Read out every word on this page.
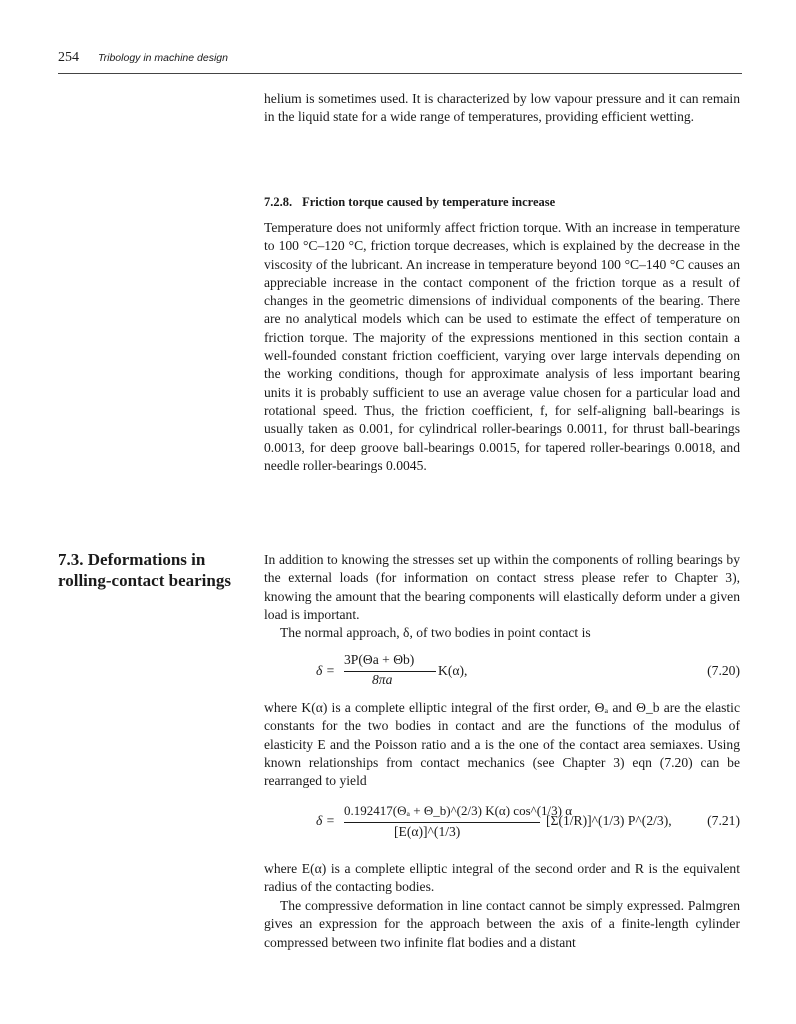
254 Tribology in machine design

helium is sometimes used. It is characterized by low vapour pressure and it can remain in the liquid state for a wide range of temperatures, providing efficient wetting.

7.2.8. Friction torque caused by temperature increase

Temperature does not uniformly affect friction torque. With an increase in temperature to 100 °C–120 °C, friction torque decreases, which is explained by the decrease in the viscosity of the lubricant. An increase in temperature beyond 100 °C–140 °C causes an appreciable increase in the contact component of the friction torque as a result of changes in the geometric dimensions of individual components of the bearing. There are no analytical models which can be used to estimate the effect of temperature on friction torque. The majority of the expressions mentioned in this section contain a well-founded constant friction coefficient, varying over large intervals depending on the working conditions, though for approximate analysis of less important bearing units it is probably sufficient to use an average value chosen for a particular load and rotational speed. Thus, the friction coefficient, f, for self-aligning ball-bearings is usually taken as 0.001, for cylindrical roller-bearings 0.0011, for thrust ball-bearings 0.0013, for deep groove ball-bearings 0.0015, for tapered roller-bearings 0.0018, and needle roller-bearings 0.0045.

7.3. Deformations in
rolling-contact bearings

In addition to knowing the stresses set up within the components of rolling bearings by the external loads (for information on contact stress please refer to Chapter 3), knowing the amount that the bearing components will elastically deform under a given load is important.

The normal approach, δ, of two bodies in point contact is

δ =
3P(Θa + Θb)
8πa
K(α),	(7.20)

where K(α) is a complete elliptic integral of the first order, Θₐ and Θ_b are the elastic constants for the two bodies in contact and are the functions of the modulus of elasticity E and the Poisson ratio and a is the one of the contact area semiaxes. Using known relationships from contact mechanics (see Chapter 3) eqn (7.20) can be rearranged to yield

δ =
0.192417(Θₐ + Θ_b)^(2/3) K(α) cos^(1/3) α
[E(α)]^(1/3)
[Σ(1/R)]^(1/3) P^(2/3),	(7.21)

where E(α) is a complete elliptic integral of the second order and R is the equivalent radius of the contacting bodies.

The compressive deformation in line contact cannot be simply expressed. Palmgren gives an expression for the approach between the axis of a finite-length cylinder compressed between two infinite flat bodies and a distant
